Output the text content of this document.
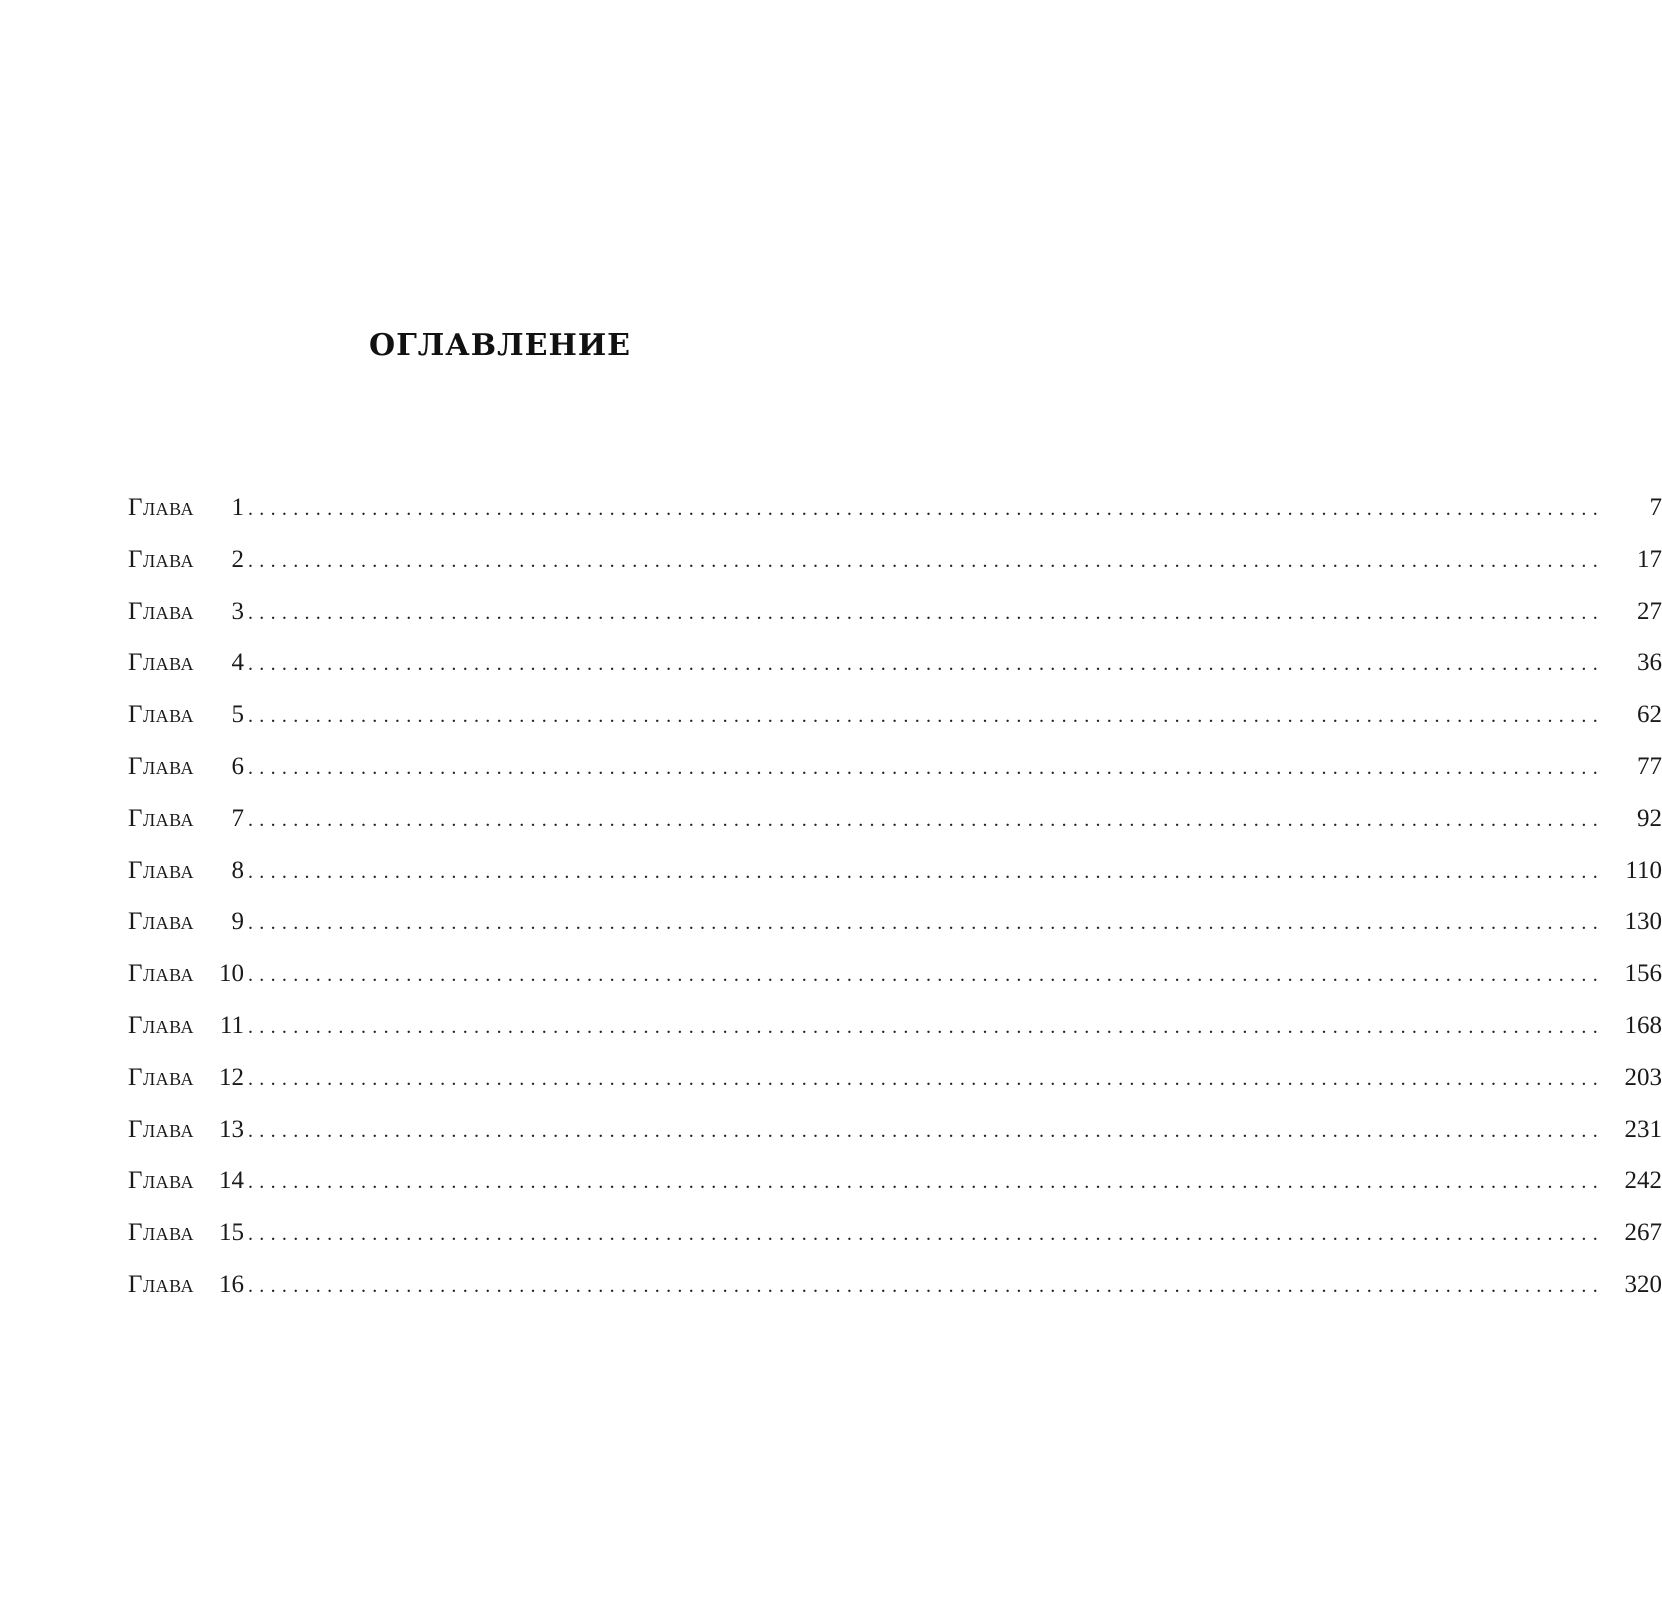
ОГЛАВЛЕНИЕ
Глава	1 ........................................................................................................................	7
Глава	2 ........................................................................................................................	17
Глава	3 ........................................................................................................................	27
Глава	4 ........................................................................................................................	36
Глава	5 ........................................................................................................................	62
Глава	6 ........................................................................................................................	77
Глава	7 ........................................................................................................................	92
Глава	8 ........................................................................................................................ 110
Глава	9 ........................................................................................................................ 130
Глава 10 ........................................................................................................................ 156
Глава	11 ........................................................................................................................ 168
Глава 12 ........................................................................................................................ 203
Глава 13 ........................................................................................................................ 231
Глава 14 ........................................................................................................................ 242
Глава 15 ........................................................................................................................ 267
Глава 16 ........................................................................................................................ 320
